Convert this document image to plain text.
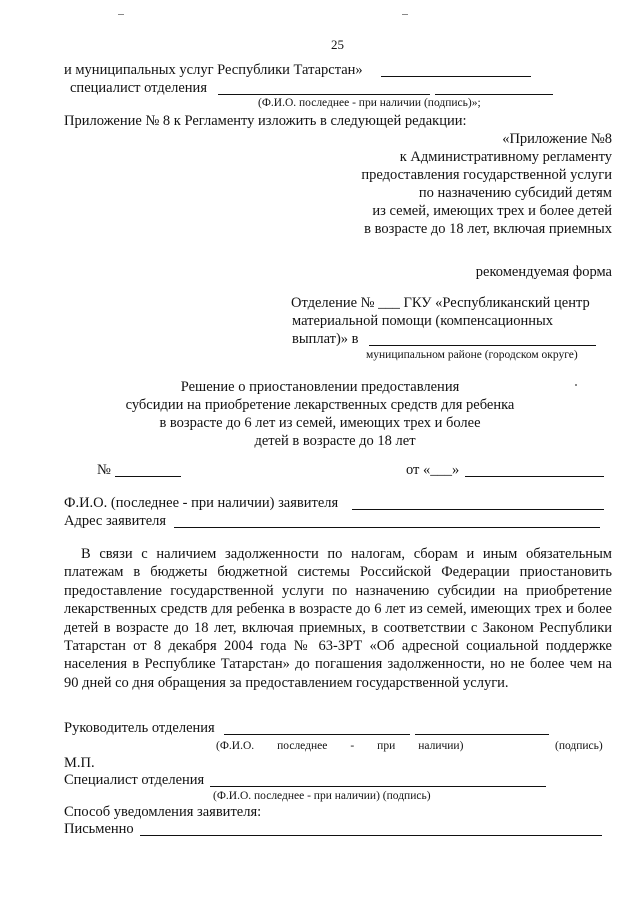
25
и муниципальных услуг Республики Татарстан»
специалист отделения
(Ф.И.О. последнее - при наличии (подпись)»;
Приложение № 8 к Регламенту изложить в следующей редакции:
«Приложение №8
к Административному регламенту
предоставления государственной услуги
по назначению субсидий детям
из семей, имеющих трех и более детей
в возрасте до 18 лет, включая приемных
рекомендуемая форма
Отделение № ___ ГКУ «Республиканский центр
материальной помощи (компенсационных
выплат)» в
муниципальном районе (городском округе)
Решение о приостановлении предоставления
субсидии на приобретение лекарственных средств для ребенка
в возрасте до 6 лет из семей, имеющих трех и более
детей в возрасте до 18 лет
№	от «___»
Ф.И.О. (последнее - при наличии) заявителя
Адрес заявителя
В связи с наличием задолженности по налогам, сборам и иным обязательным платежам в бюджеты бюджетной системы Российской Федерации приостановить предоставление государственной услуги по назначению субсидии на приобретение лекарственных средств для ребенка в возрасте до 6 лет из семей, имеющих трех и более детей в возрасте до 18 лет, включая приемных, в соответствии с Законом Республики Татарстан от 8 декабря 2004 года № 63-ЗРТ «Об адресной социальной поддержке населения в Республике Татарстан» до погашения задолженности, но не более чем на 90 дней со дня обращения за предоставлением государственной услуги.
Руководитель отделения
(Ф.И.О.        последнее        -        при        наличии)	(подпись)
М.П.
Специалист отделения
(Ф.И.О. последнее - при наличии) (подпись)
Способ уведомления заявителя:
Письменно
